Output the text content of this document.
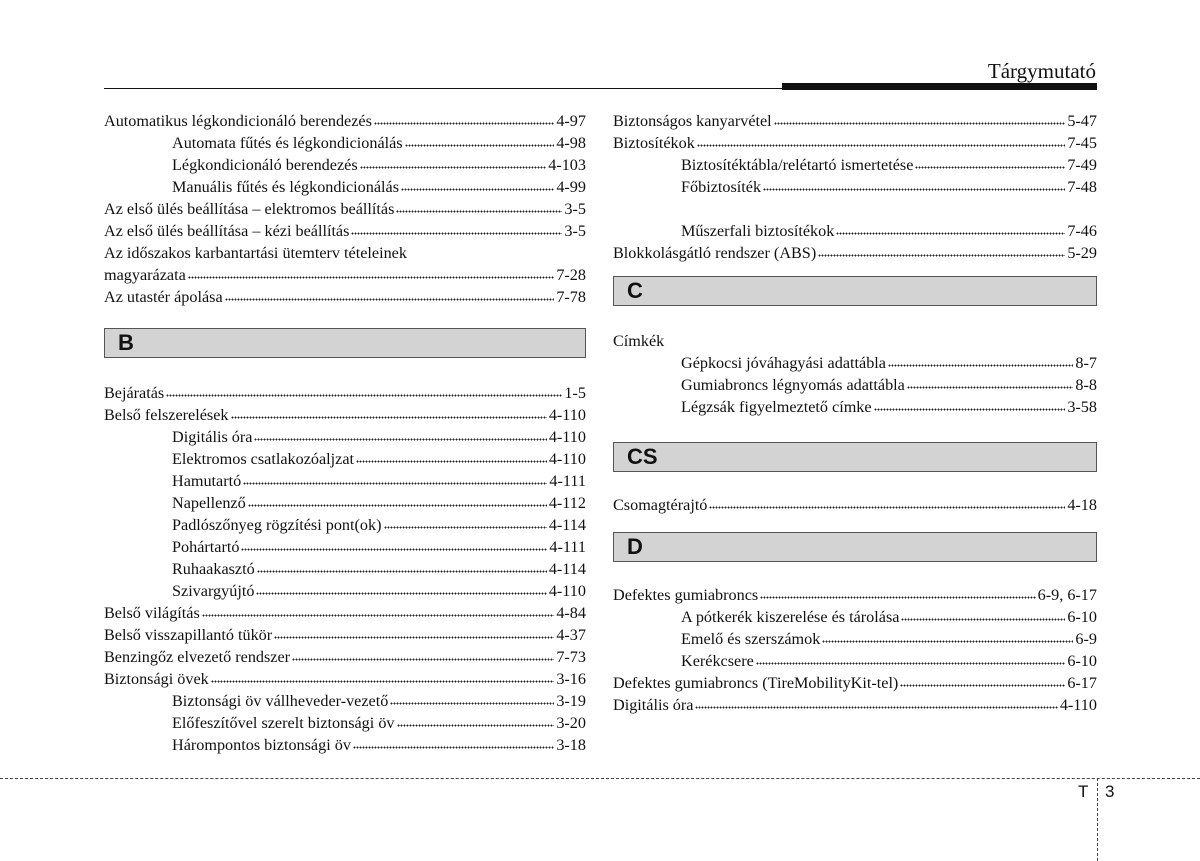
Tárgymutató
Automatikus légkondicionáló berendezés	4-97
Automata fűtés és légkondicionálás	4-98
Légkondicionáló berendezés	4-103
Manuális fűtés és légkondicionálás	4-99
Az első ülés beállítása – elektromos beállítás	3-5
Az első ülés beállítása – kézi beállítás	3-5
Az időszakos karbantartási ütemterv tételeinek
magyarázata	7-28
Az utastér ápolása	7-78
B
Bejáratás	1-5
Belső felszerelések	4-110
Digitális óra	4-110
Elektromos csatlakozóaljzat	4-110
Hamutartó	4-111
Napellenző	4-112
Padlószőnyeg rögzítési pont(ok)	4-114
Pohártartó	4-111
Ruhaakasztó	4-114
Szivargyújtó	4-110
Belső világítás	4-84
Belső visszapillantó tükör	4-37
Benzingőz elvezető rendszer	7-73
Biztonsági övek	3-16
Biztonsági öv vállheveder-vezető	3-19
Előfeszítővel szerelt biztonsági öv	3-20
Hárompontos biztonsági öv	3-18
Biztonságos kanyarvétel	5-47
Biztosítékok	7-45
Biztosítéktábla/relétartó ismertetése	7-49
Főbiztosíték	7-48
Műszerfali biztosítékok	7-46
Blokkolásgátló rendszer (ABS)	5-29
C
Címkék
Gépkocsi jóváhagyási adattábla	8-7
Gumiabroncs légnyomás adattábla	8-8
Légzsák figyelmeztető címke	3-58
CS
Csomagtérajtó	4-18
D
Defektes gumiabroncs	6-9, 6-17
A pótkerék kiszerelése és tárolása	6-10
Emelő és szerszámok	6-9
Kerékcsere	6-10
Defektes gumiabroncs (TireMobilityKit-tel)	6-17
Digitális óra	4-110
T 3
